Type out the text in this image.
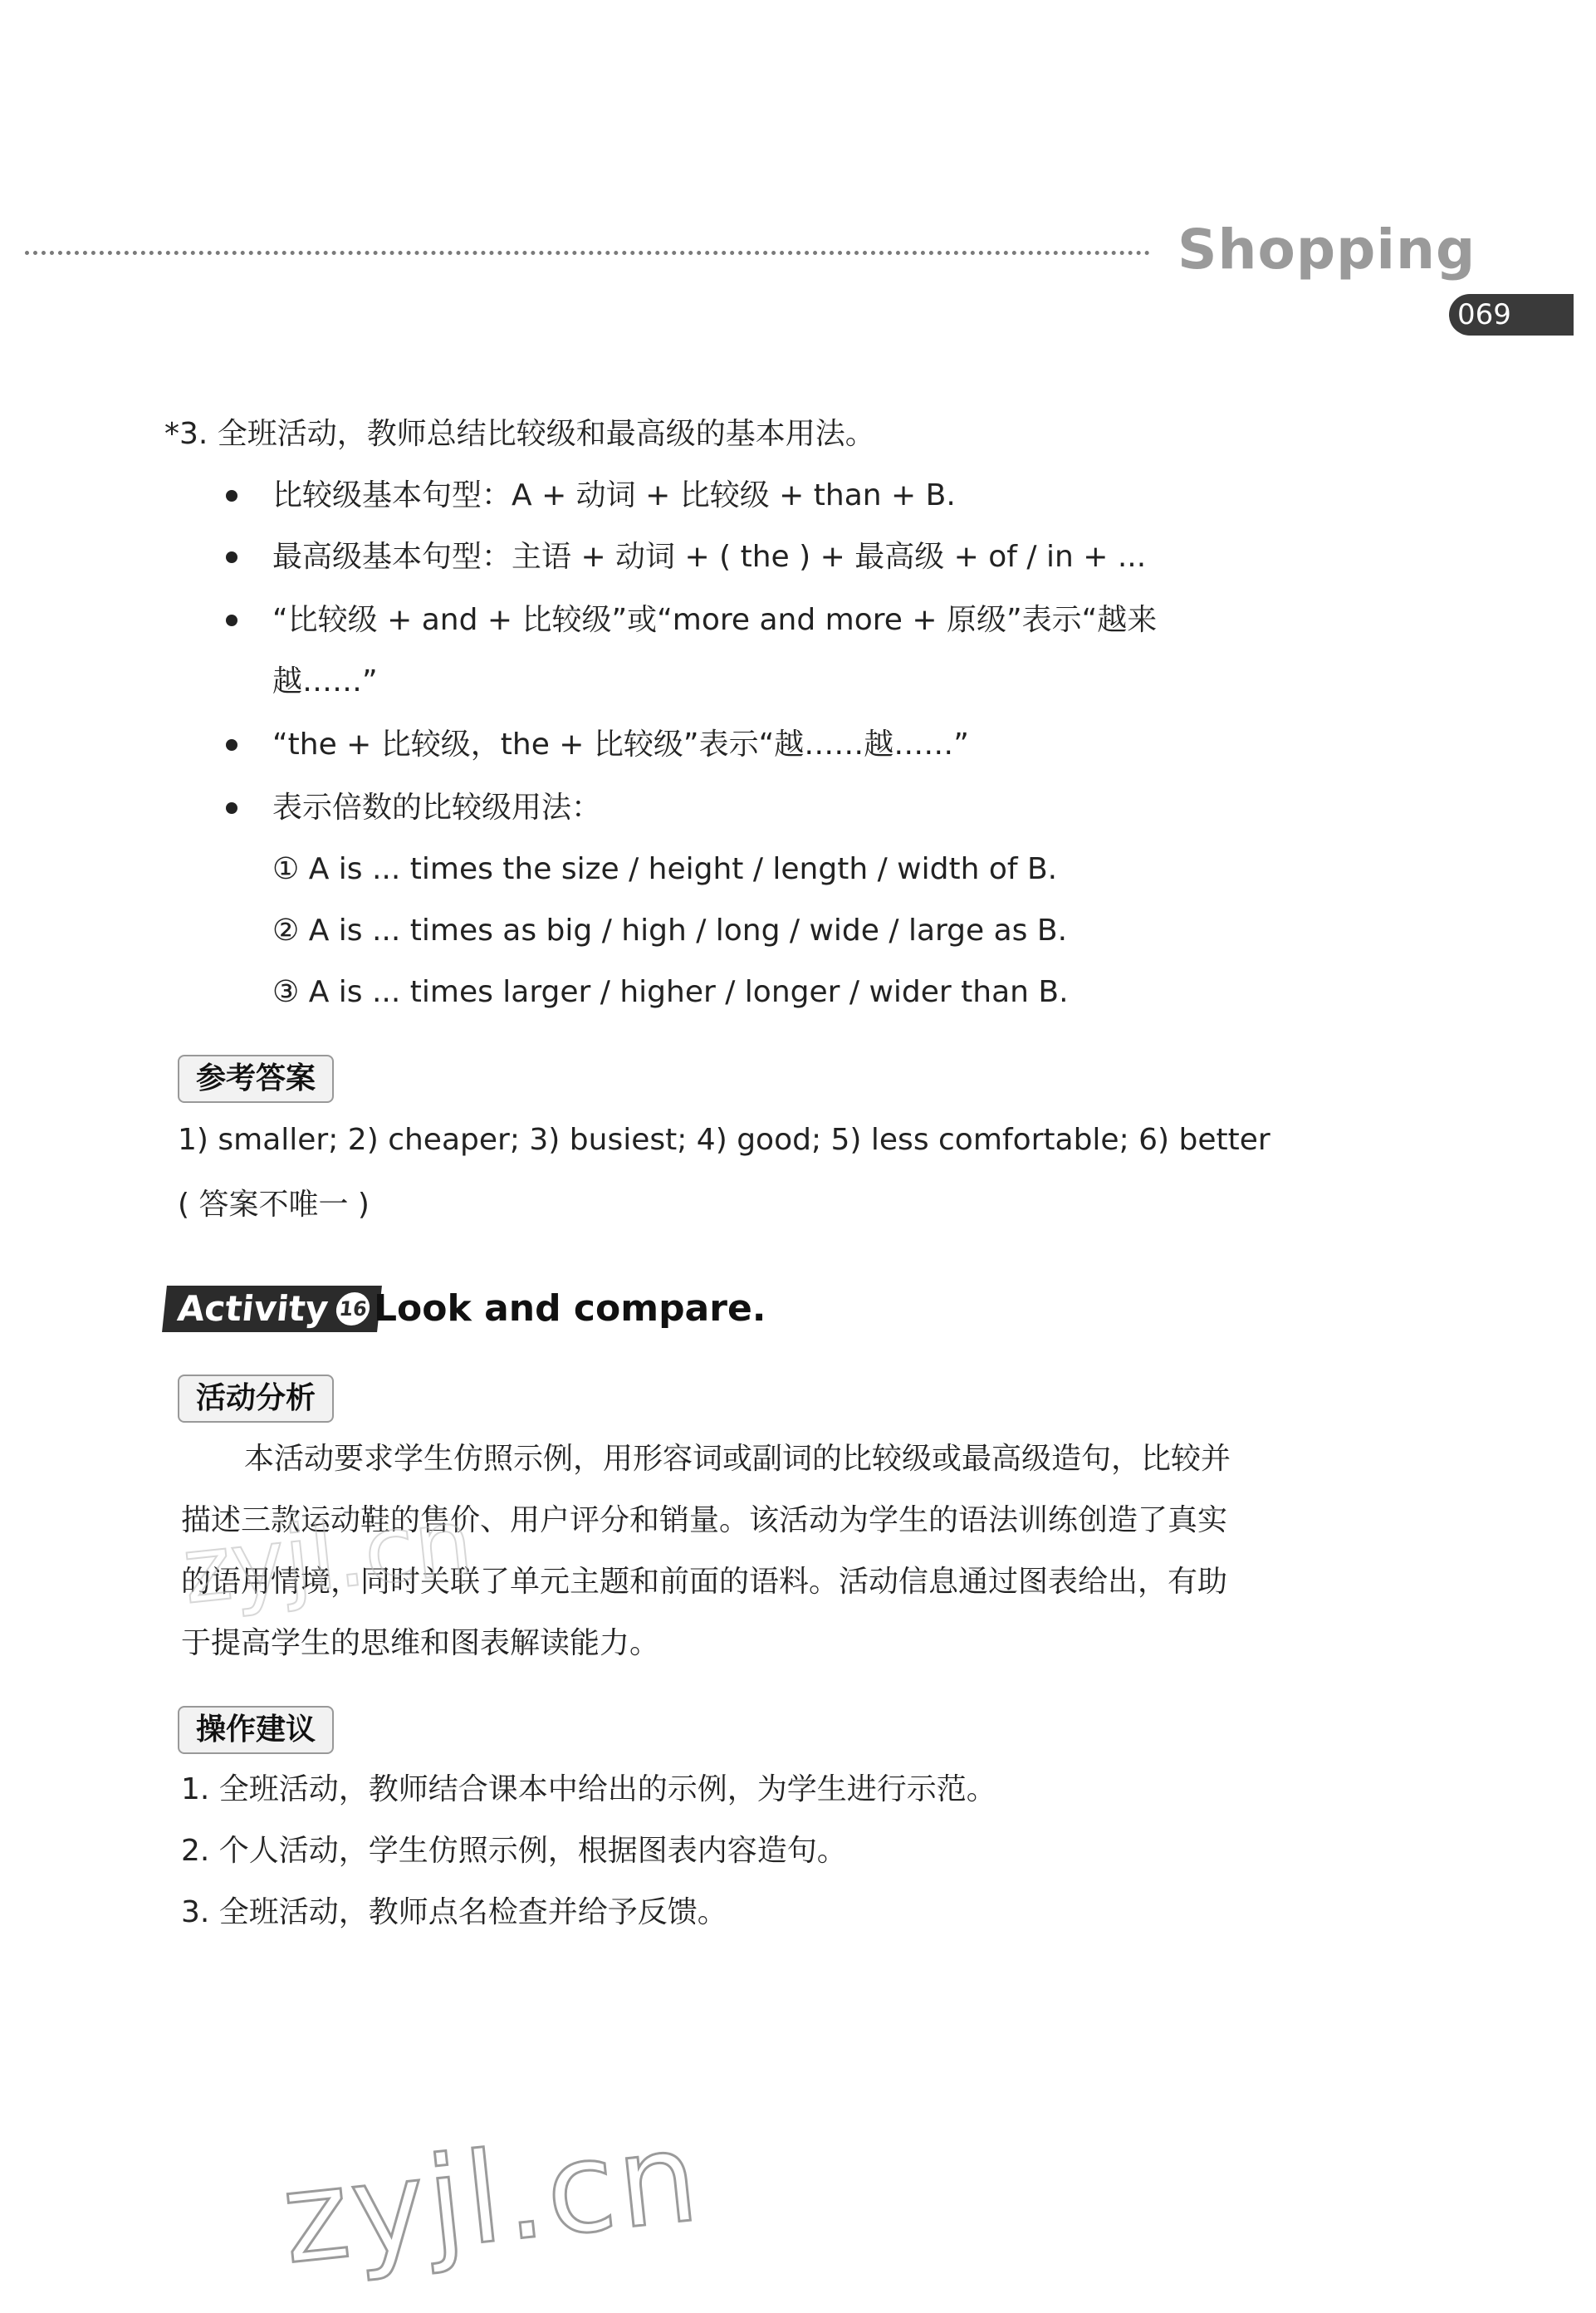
Shopping
069
*3. 全班活动，教师总结比较级和最高级的基本用法。
比较级基本句型：A + 动词 + 比较级 + than + B.
最高级基本句型：主语 + 动词 + ( the ) + 最高级 + of / in + ...
“比较级 + and + 比较级”或“more and more + 原级”表示“越来
越……”
“the + 比较级，the + 比较级”表示“越……越……”
表示倍数的比较级用法：
① A is ... times the size / height / length / width of B.
② A is ... times as big / high / long / wide / large as B.
③ A is ... times larger / higher / longer / wider than B.
参考答案
1) smaller; 2) cheaper; 3) busiest; 4) good; 5) less comfortable; 6) better
( 答案不唯一 )
Activity 16 Look and compare.
活动分析
本活动要求学生仿照示例，用形容词或副词的比较级或最高级造句，比较并
描述三款运动鞋的售价、用户评分和销量。该活动为学生的语法训练创造了真实
的语用情境，同时关联了单元主题和前面的语料。活动信息通过图表给出，有助
于提高学生的思维和图表解读能力。
操作建议
1. 全班活动，教师结合课本中给出的示例，为学生进行示范。
2. 个人活动，学生仿照示例，根据图表内容造句。
3. 全班活动，教师点名检查并给予反馈。
zyjl.cn
zyjl.cn
